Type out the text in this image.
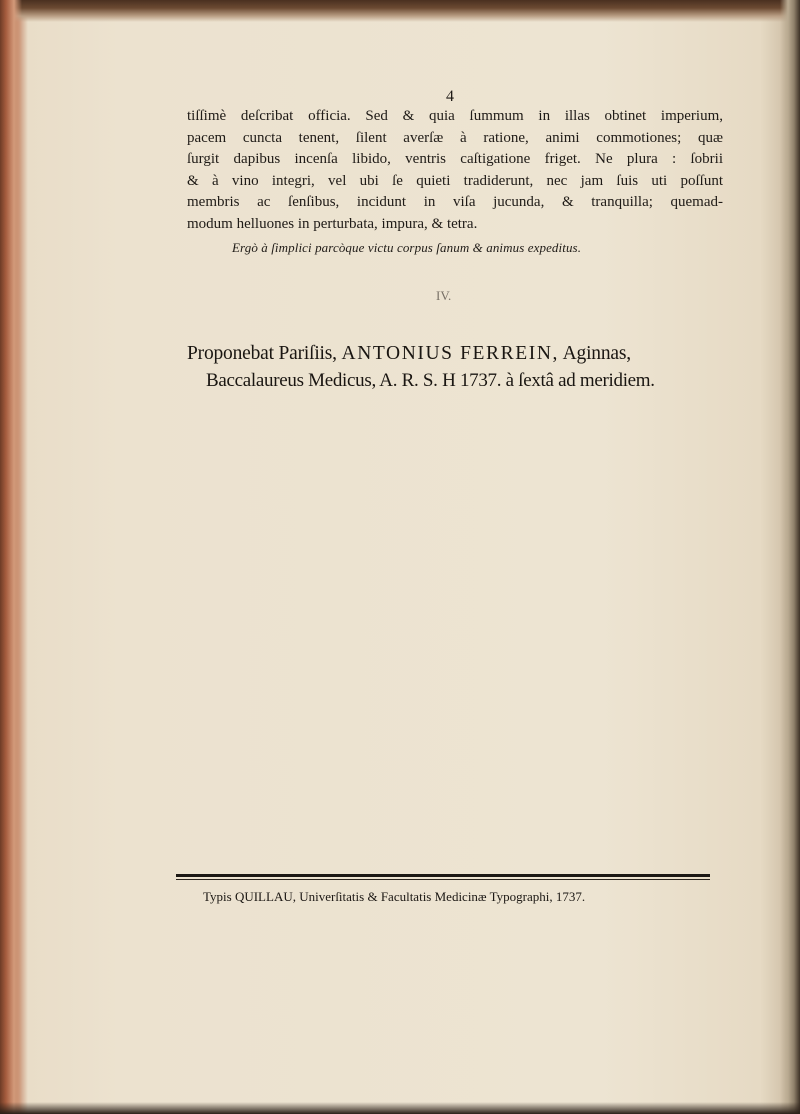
4
tiſſimè deſcribat officia. Sed & quia ſummum in illas obtinet imperium,
pacem cuncta tenent, ſilent averſæ à ratione, animi commotiones; quæ
ſurgit dapibus incenſa libido, ventris caſtigatione friget. Ne plura : ſobrii
& à vino integri, vel ubi ſe quieti tradiderunt, nec jam ſuis uti poſſunt
membris ac ſenſibus, incidunt in viſa jucunda, & tranquilla; quemad-
modum helluones in perturbata, impura, & tetra.
Ergò à ſimplici parcòque victu corpus ſanum & animus expeditus.
IV.
Proponebat Pariſiis, ANTONIUS FERREIN, Aginnas,
Baccalaureus Medicus, A. R. S. H 1737. à ſextâ ad meridiem.
Typis QUILLAU, Univerſitatis & Facultatis Medicinæ Typographi, 1737.
